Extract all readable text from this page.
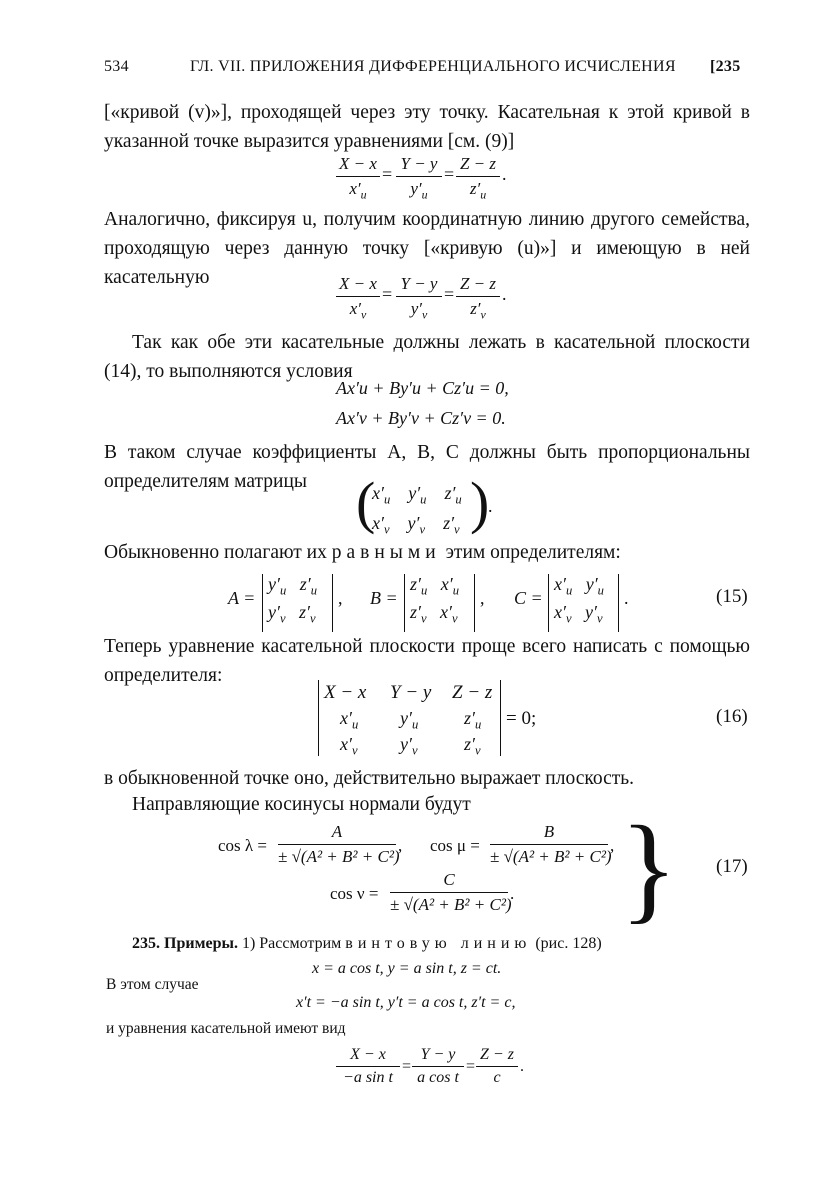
534	ГЛ. VII. ПРИЛОЖЕНИЯ ДИФФЕРЕНЦИАЛЬНОГО ИСЧИСЛЕНИЯ [235
[«кривой (v)»], проходящей через эту точку. Касательная к этой кривой в указанной точке выразится уравнениями [см. (9)]
X − x
$x'_u$
=
Y − y
$y'_u$
=
Z − z
$z'_u$
.
Аналогично, фиксируя u, получим координатную линию другого семейства, проходящую через данную точку [«кривую (u)»] и имеющую в ней касательную	X − x
$x'_v$
=
Y − y
$y'_v$
=
Z − z
$z'_v$
.
Так как обе эти касательные должны лежать в касательной плоскости (14), то выполняются условия
Ax′u + By′u + Cz′u = 0,
Ax′v + By′v + Cz′v = 0.
В таком случае коэффициенты A, B, C должны быть пропорциональны определителям матрицы (
$x'_u$    $y'_u$    $z'_u$
$x'_v$    $y'_v$    $z'_v$ )
.
Обыкновенно полагают их равными этим определителям:
A =
$y'_u$   $z'_u$
$y'_v$   $z'_v$
, B =
$z'_u$   $x'_u$
$z'_v$   $x'_v$
, C =
$x'_u$   $y'_u$
$x'_v$   $y'_v$
.	(15)
Теперь уравнение касательной плоскости проще всего написать с помощью определителя:
X − x Y − y Z − z
$x'_u$ $y'_u$	$z'_u$
$x'_v$ $y'_v$	$z'_v$
= 0;	(16)
в обыкновенной точке оно, действительно выражает плоскость.
Направляющие косинусы нормали будут
cos λ =
A
± √(A² + B² + C²)
, cos μ =
B
± √(A² + B² + C²)
,
cos ν =
C
± √(A² + B² + C²)
. } (17)
235. Примеры. 1) Рассмотрим винтовую линию (рис. 128)
x = a cos t, y = a sin t, z = ct.
В этом случае
x′t = −a sin t, y′t = a cos t, z′t = c,
и уравнения касательной имеют вид
X − x
−a sin t
=
Y − y
a cos t
=
Z − z
c
.
